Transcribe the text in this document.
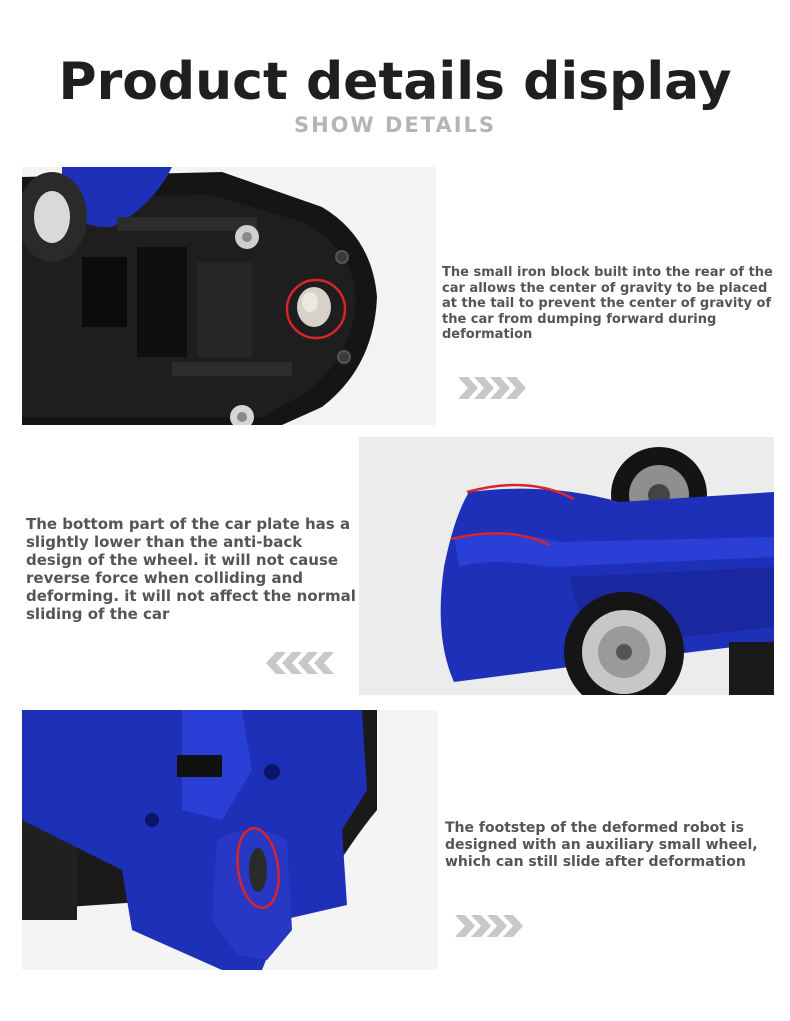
Product details display
SHOW DETAILS
The small iron block built into the rear of the car allows the center of gravity to be placed at the tail to prevent the center of gravity of the car from dumping forward during deformation
The bottom part of the car plate has a slightly lower than the anti-back design of the wheel. it will not cause reverse force when colliding and deforming. it will not affect the normal sliding of the car
The footstep of the deformed robot is designed with an auxiliary small wheel, which can still slide after deformation
